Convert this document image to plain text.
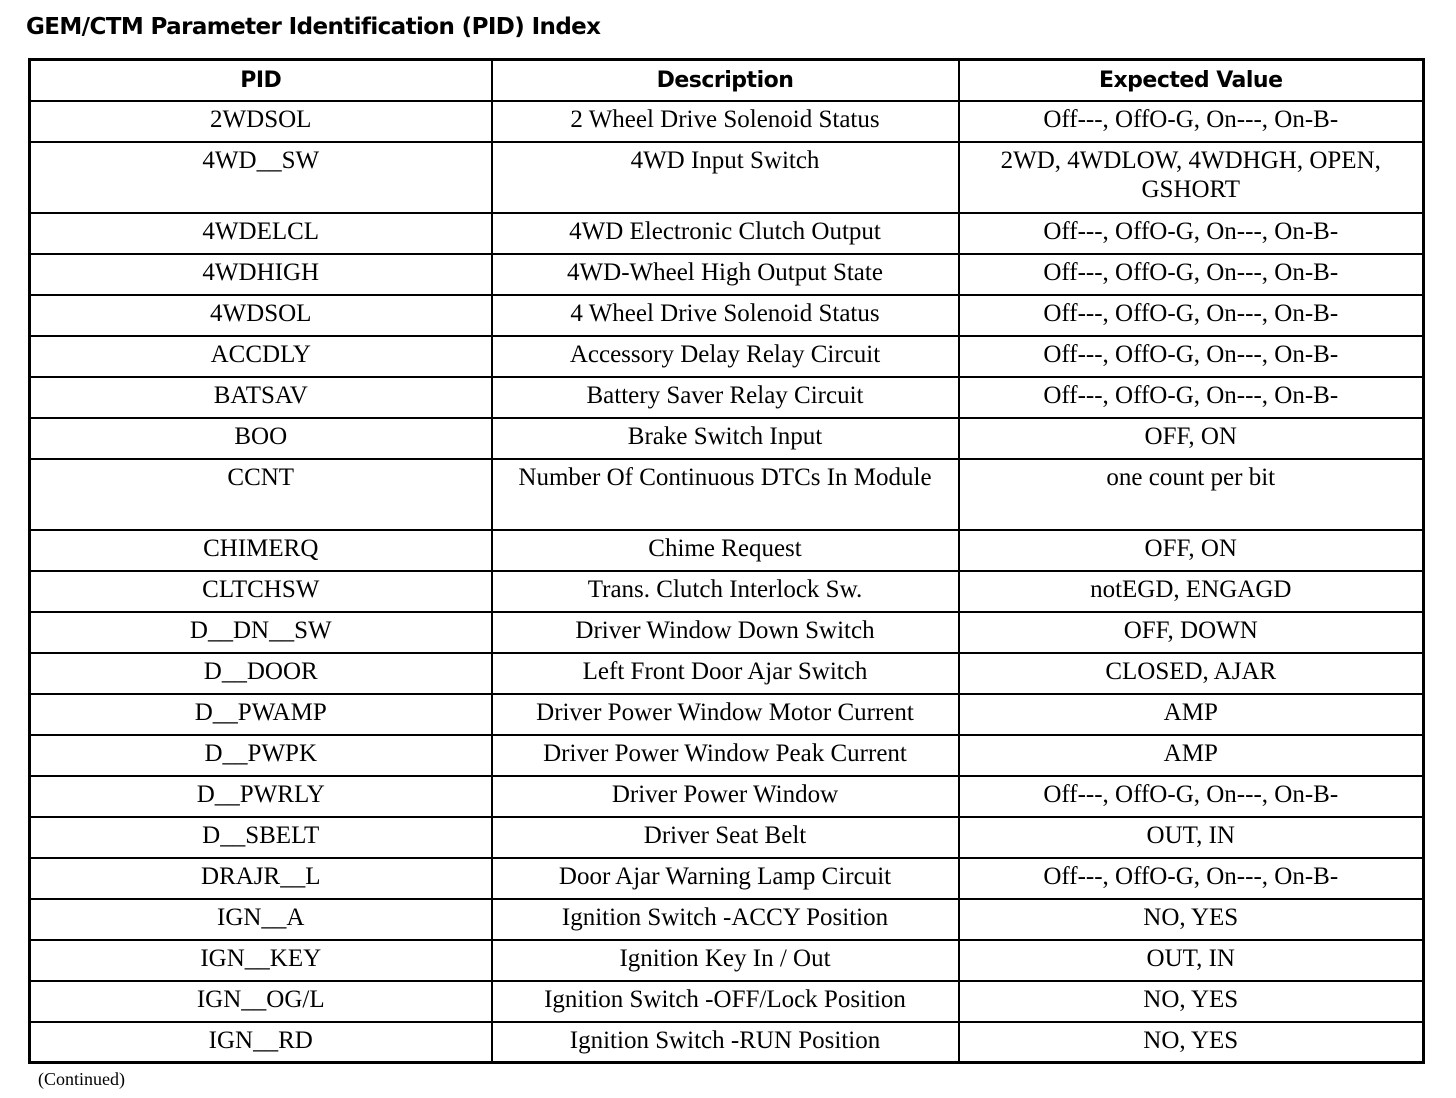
GEM/CTM Parameter Identification (PID) Index
PID	Description	Expected Value
2WDSOL	2 Wheel Drive Solenoid Status	Off---, OffO-G, On---, On-B-
4WD__SW	4WD Input Switch	2WD, 4WDLOW, 4WDHGH, OPEN, GSHORT
4WDELCL	4WD Electronic Clutch Output	Off---, OffO-G, On---, On-B-
4WDHIGH	4WD-Wheel High Output State	Off---, OffO-G, On---, On-B-
4WDSOL	4 Wheel Drive Solenoid Status	Off---, OffO-G, On---, On-B-
ACCDLY	Accessory Delay Relay Circuit	Off---, OffO-G, On---, On-B-
BATSAV	Battery Saver Relay Circuit	Off---, OffO-G, On---, On-B-
BOO	Brake Switch Input	OFF, ON
CCNT	Number Of Continuous DTCs In Module	one count per bit
CHIMERQ	Chime Request	OFF, ON
CLTCHSW	Trans. Clutch Interlock Sw.	notEGD, ENGAGD
D__DN__SW	Driver Window Down Switch	OFF, DOWN
D__DOOR	Left Front Door Ajar Switch	CLOSED, AJAR
D__PWAMP	Driver Power Window Motor Current	AMP
D__PWPK	Driver Power Window Peak Current	AMP
D__PWRLY	Driver Power Window	Off---, OffO-G, On---, On-B-
D__SBELT	Driver Seat Belt	OUT, IN
DRAJR__L	Door Ajar Warning Lamp Circuit	Off---, OffO-G, On---, On-B-
IGN__A	Ignition Switch -ACCY Position	NO, YES
IGN__KEY	Ignition Key In / Out	OUT, IN
IGN__OG/L	Ignition Switch -OFF/Lock Position	NO, YES
IGN__RD	Ignition Switch -RUN Position	NO, YES
(Continued)
